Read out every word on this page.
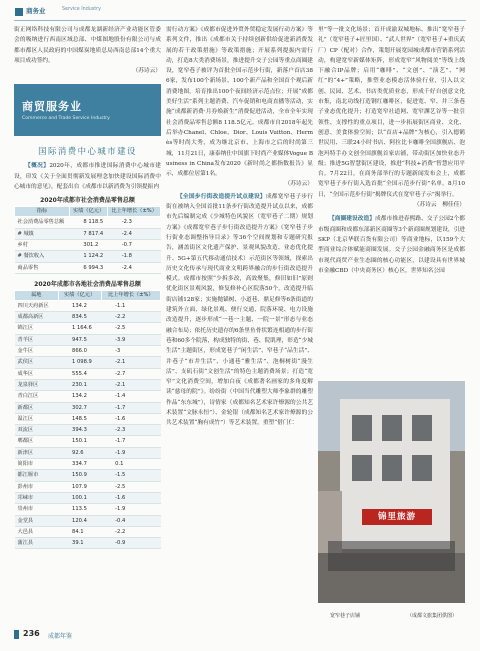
商务业	Service Industry

街正网络科技有限公司与成都龙湖新经济产业功能区管委会的吸纳进行西南区域总部、中煤图地股份有限公司与成都市都区人民政府的中国煤炭地质总局西南总部14个重大项目成功签约。
（苏诗云）

商贸服务业
Commerce and Trade Service Industry
国际消费中心城市建设

【概况】2020年，成都市推进国际消费中心城市建设，印发《关于全面贯彻新发展理念加快建设国际消费中心城市的意见》，配套出台《成都市以新消费为引领提振内

2020年成都市社会消费品零售总额
指标	实绩（亿元）	比上年增长（±%）
社会消费品零售总额	8 118.5	-2.3
# 城镇	7 817.4	-2.4
乡村	301.2	-0.7
# 餐饮收入	1 124.2	-1.8
商品零售	6 994.3	-2.4
2020年成都市各地社会消费品零售总额
属地	实绩（亿元）	比上年增长（±%）
四川天府新区	134.2	-1.1
成都高新区	834.5	-2.2
锦江区	1 164.6	-2.5
青羊区	947.5	-3.9
金牛区	866.0	-3
武侯区	1 098.9	-2.1
成华区	555.4	-2.7
龙泉驿区	230.1	-2.1
青白江区	134.2	-1.4
新都区	302.7	-1.7
温江区	148.5	-1.6
双流区	394.3	-2.3
郫都区	150.1	-1.7
新津区	92.6	-1.9
简阳市	334.7	0.1
都江堰市	150.9	-1.5
彭州市	107.9	-2.5
邛崃市	100.1	-1.6
崇州市	113.5	-1.9
金堂县	120.4	-0.4
大邑县	84.1	-2.2
蒲江县	39.1	-0.9

需行动方案》《成都市促进外贸外贸稳定发展行动方案》等系列文件，推出《成都市关于持续创新供给促进新消费发展的若干政策措施》等政策措施；开展系列提振内需行动，打造8大类消费场景，推进提升交子公园等重点商圈建设，宽窄巷子被评为首批全国示范步行街，新落户首店386家，发布100个新场景、100个新产品和全国首个观后新消费地图，培育推出100个夜间经济示范点位；开展“成都美好生活”系列主题消费、汽车促销和电商直播等活动，实施“成都新消费·月券焕新生”消费促进活动，全市全年实现社会消费品零售总额8 118.5亿元。成都市自2018年起先后举办Chanel、Chloe、Dior、Louis Vuitton、Hermès等时尚大秀，成为继北京市、上海市之后的时尚第三城，11月21日，康泰纳仕中国旗下时尚产业媒体Vogue Business in China发布2020《新时尚之都指数报告》显示，成都位居第1名。
（苏诗云）

【全国步行街改造提升试点建设】成都宽窄巷子步行街在被纳入全国首批11条步行街改造提升试点以来，成都市先后编制完成《少城特色风貌区（宽窄巷子二期）规划方案》《成都宽窄巷子步行街改造提升方案》《宽窄巷子步行街业态调整指导目录》等36个空间规划和专题研究报告，涵盖街区文化遗产保护、景观风貌改造、业态优化提升、5G+第五代移动通信技术）示范街区等领域，探索出历史文化传承与现代商业文明跨界融合的步行街改造提升模式。成都市按照“少拆多改，高效聚集，修旧如旧”原则优化街区景观风貌，修复修补心区院落50个，改造提升临街店铺128家；实施抛锚树、小道巷、鼎足修等6条街道的建筑外立面、绿化景观、便行交通、院落环境、电力设施改造提升，逐步形成“一巷一主题、一院一景”形态与业态融合布局；依托历史遗存的6条里鱼骨状繁连相通的步行街巷和60多个院落，构成独特的街、巷、院肌理，彰造“少城生活”主题街区，形成宽巷子“闲生活”、窄巷子“品生活”、井巷子“市井生活”、小通巷“雅生活”、泡桐树街“漫生活”、支矶石街“文创生活”的特色主题消费场景；打造“宽窄”文化消费空间，增加白夜《成都著名画家的多角度解读“慈母的院”》。纷纷街（中国当代雕塑大师李象群的雕塑作品“东东城”），诗情家（成都知名艺术家许燎源的公共艺术装置“文脉永恒”）、金轮银（成都知名艺术家许燎源的公共艺术装置“胸有成竹”）等艺术装置，重塑“借门仁

里”等一批文化场景；首开成渝双城地标、推出“宽窄巷子礼”（宽窄巷子+匠里国）、“武人世界”（宽窄巷子+重庆武厂）CP（配对）合作，策划开展宽园城成都市营销系列活动，构建宽窄新媒体矩阵，形成宽窄“风物阅美”等线上线下融合IP品牌；启用“咖啡”、“文创”、“演艺”、“网红”的“4+”策略，推塑业态模态活体验行业，引入以文创、民园、艺术、书店类优质业态，形成千好自创意文化市集，南北功线打造钢红咖啡区，促进宽、窄、井三条巷子业态优化提升；打造宽窄社道网、宽窄渊艺谷等一批引领性、支撑性的重点项目，进一步拓展街区商业、文化、创意、美食体验空间；以“首店+品牌”为核心，引入德鹤世民用、三联24小时书店、阿拉比卡咖啡全国旗舰店、泡泡玛特手办文创全国旗舰首家店铺，带动街区加快业态升级；推进5G智慧街区建设，推进“科技+消费”智慧应用平台。7月22日，在商务部举行的专题新闻发布会上，成都宽窄巷子步行街入选首批“全国示范步行街”名单。8月10日，“全国示范步行街”揭牌仪式在宽窄巷子示”揭举行。
（苏诗云　柳佳佳）

【商圈建设改造】成都市推进春熙路、交子公园2个都市级商圈和成都东部新区商圈等3个新商圈规划建设，引进SKP（北京华联百货有限公司）等商业地标，以159个大型商业综合体赋能商圈发展。交子公园金融商务区是成都市现代商贸产业生态圈的核心功能区，以建设具有世界城市金融CBD（中央商务区）核心区，世界知名公园

锦里旅游
宽窄巷子店铺	（成都文旅集团供图）
236 成都年鉴
